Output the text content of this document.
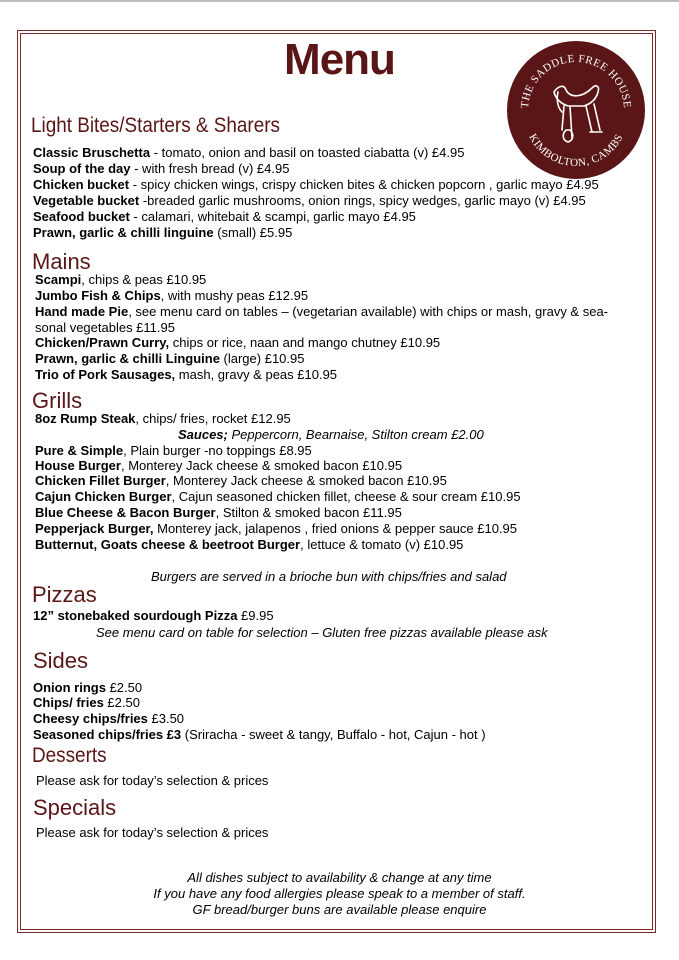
Menu
THE SADDLE FREE HOUSE
KIMBOLTON, CAMBS
Light Bites/Starters & Sharers
Classic Bruschetta - tomato, onion and basil on toasted ciabatta (v) £4.95
Soup of the day - with fresh bread (v) £4.95
Chicken bucket - spicy chicken wings, crispy chicken bites & chicken popcorn , garlic mayo £4.95
Vegetable bucket -breaded garlic mushrooms, onion rings, spicy wedges, garlic mayo (v) £4.95
Seafood bucket - calamari, whitebait & scampi, garlic mayo £4.95
Prawn, garlic & chilli linguine (small) £5.95
Mains
Scampi, chips & peas £10.95
Jumbo Fish & Chips, with mushy peas £12.95
Hand made Pie, see menu card on tables – (vegetarian available) with chips or mash, gravy & sea-
sonal vegetables £11.95
Chicken/Prawn Curry, chips or rice, naan and mango chutney £10.95
Prawn, garlic & chilli Linguine (large) £10.95
Trio of Pork Sausages, mash, gravy & peas £10.95
Grills
8oz Rump Steak, chips/ fries, rocket £12.95
Sauces; Peppercorn, Bearnaise, Stilton cream £2.00
Pure & Simple, Plain burger -no toppings £8.95
House Burger, Monterey Jack cheese & smoked bacon £10.95
Chicken Fillet Burger, Monterey Jack cheese & smoked bacon £10.95
Cajun Chicken Burger, Cajun seasoned chicken fillet, cheese & sour cream £10.95
Blue Cheese & Bacon Burger, Stilton & smoked bacon £11.95
Pepperjack Burger, Monterey jack, jalapenos , fried onions & pepper sauce £10.95
Butternut, Goats cheese & beetroot Burger, lettuce & tomato (v) £10.95
Burgers are served in a brioche bun with chips/fries and salad
Pizzas
12” stonebaked sourdough Pizza £9.95
See menu card on table for selection – Gluten free pizzas available please ask
Sides
Onion rings £2.50
Chips/ fries £2.50
Cheesy chips/fries £3.50
Seasoned chips/fries £3 (Sriracha - sweet & tangy, Buffalo - hot, Cajun - hot )
Desserts
Please ask for today’s selection & prices
Specials
Please ask for today’s selection & prices
All dishes subject to availability & change at any time
If you have any food allergies please speak to a member of staff.
GF bread/burger buns are available please enquire
